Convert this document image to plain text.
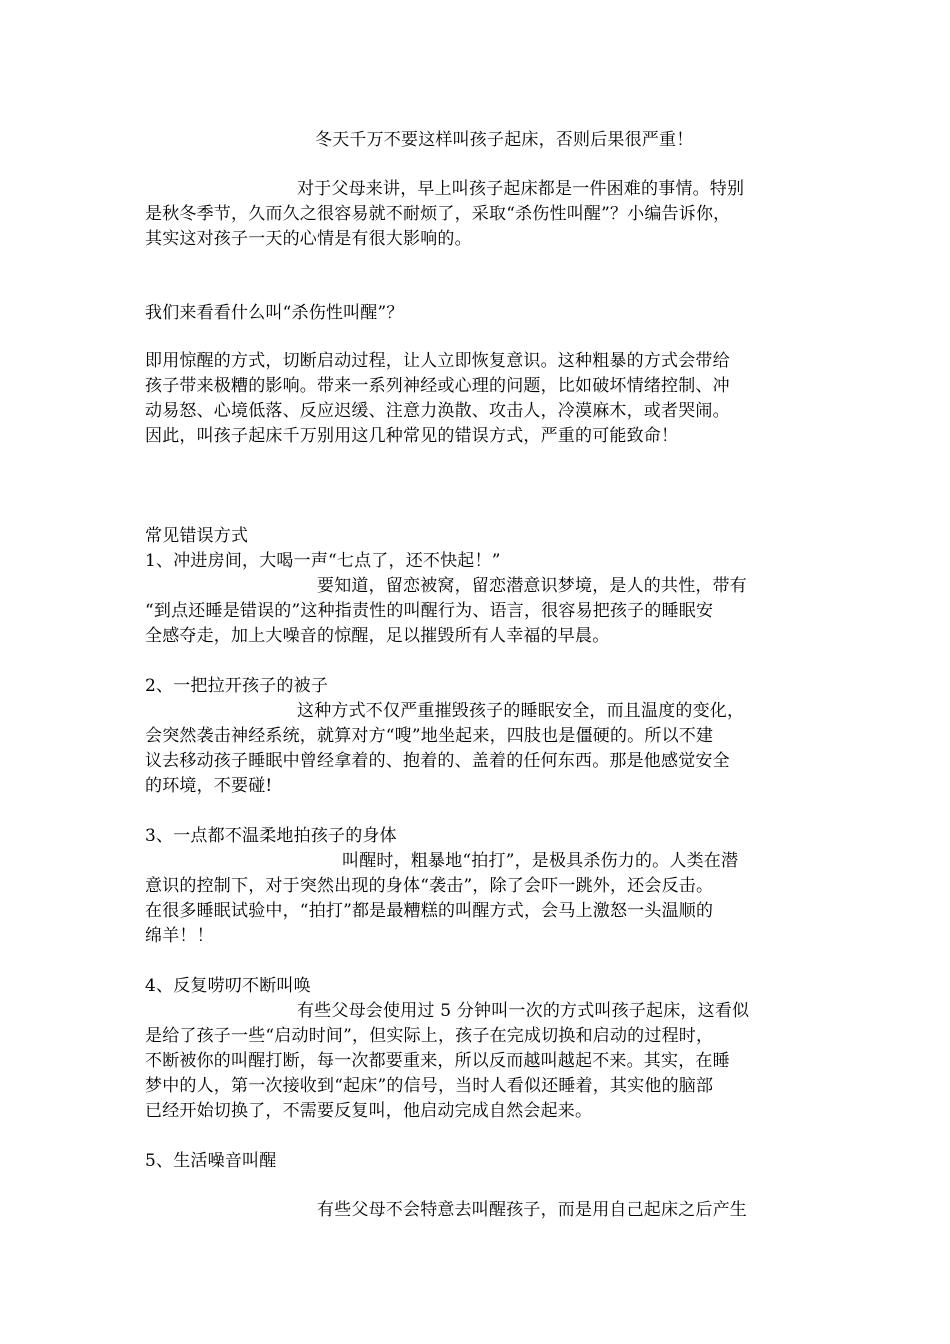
冬天千万不要这样叫孩子起床，否则后果很严重！
对于父母来讲，早上叫孩子起床都是一件困难的事情。特别
是秋冬季节，久而久之很容易就不耐烦了，采取“杀伤性叫醒”？小编告诉你，
其实这对孩子一天的心情是有很大影响的。
我们来看看什么叫“杀伤性叫醒”？
即用惊醒的方式，切断启动过程，让人立即恢复意识。这种粗暴的方式会带给
孩子带来极糟的影响。带来一系列神经或心理的问题，比如破坏情绪控制、冲
动易怒、心境低落、反应迟缓、注意力涣散、攻击人，冷漠麻木，或者哭闹。
因此，叫孩子起床千万别用这几种常见的错误方式，严重的可能致命！
常见错误方式
1、冲进房间，大喝一声“七点了，还不快起！”
要知道，留恋被窝，留恋潜意识梦境，是人的共性，带有
“到点还睡是错误的”这种指责性的叫醒行为、语言，很容易把孩子的睡眠安
全感夺走，加上大噪音的惊醒，足以摧毁所有人幸福的早晨。
2、一把拉开孩子的被子
这种方式不仅严重摧毁孩子的睡眠安全，而且温度的变化，
会突然袭击神经系统，就算对方“嗖”地坐起来，四肢也是僵硬的。所以不建
议去移动孩子睡眠中曾经拿着的、抱着的、盖着的任何东西。那是他感觉安全
的环境，不要碰!
3、一点都不温柔地拍孩子的身体
叫醒时，粗暴地“拍打”，是极具杀伤力的。人类在潜
意识的控制下，对于突然出现的身体“袭击”，除了会吓一跳外，还会反击。
在很多睡眠试验中，“拍打”都是最糟糕的叫醒方式，会马上激怒一头温顺的
绵羊！！
4、反复唠叨不断叫唤
有些父母会使用过 5 分钟叫一次的方式叫孩子起床，这看似
是给了孩子一些“启动时间”，但实际上，孩子在完成切换和启动的过程时，
不断被你的叫醒打断，每一次都要重来，所以反而越叫越起不来。其实，在睡
梦中的人，第一次接收到“起床”的信号，当时人看似还睡着，其实他的脑部
已经开始切换了，不需要反复叫，他启动完成自然会起来。
5、生活噪音叫醒
有些父母不会特意去叫醒孩子，而是用自己起床之后产生
